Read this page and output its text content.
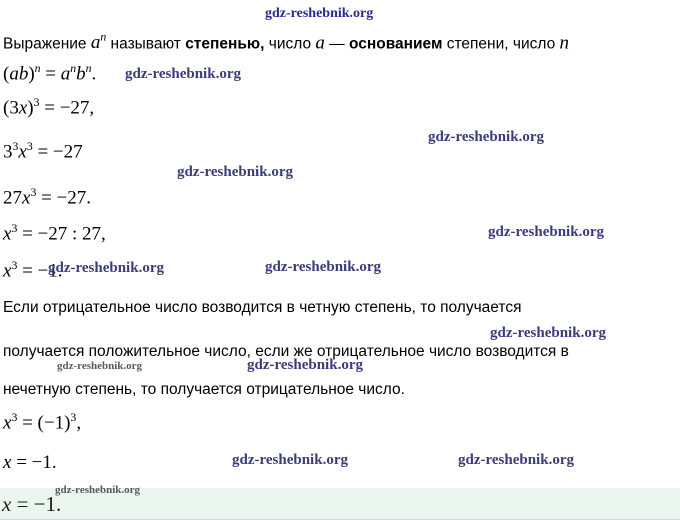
gdz-reshebnik.org
Выражение $a^n$ называют степенью, число a — основанием степени, число n
$(ab)^n = a^nb^n$. gdz-reshebnik.org
$(3x)^3 = -27$,
gdz-reshebnik.org
$3^3x^3 = -27$
gdz-reshebnik.org
$27x^3 = -27$.
$x^3 = -27$ : 27,	gdz-reshebnik.org
$x^3 = -1$.
gdz-reshebnik.org	gdz-reshebnik.org
Если отрицательное число возводится в четную степень, то получается
gdz-reshebnik.org
получается положительное число, если же отрицательное число возводится в
gdz-reshebnik.org	gdz-reshebnik.org
нечетную степень, то получается отрицательное число.
$x^3 = (-1)^3$,
x = −1.	gdz-reshebnik.org	gdz-reshebnik.org
x = −1.
gdz-reshebnik.org
